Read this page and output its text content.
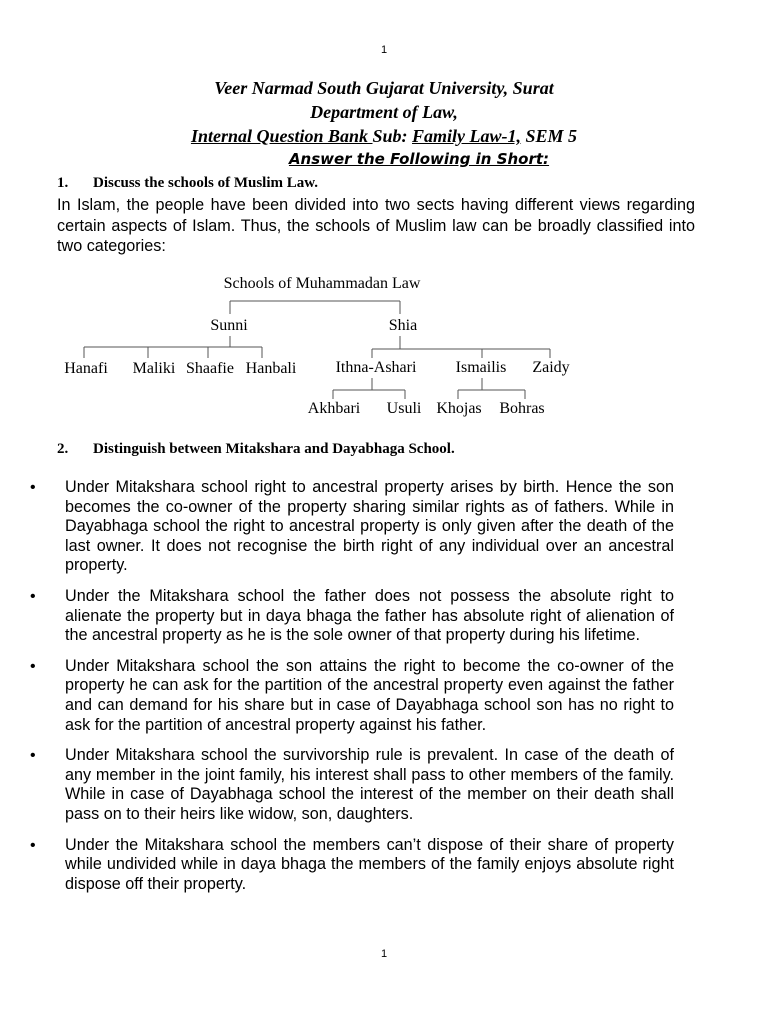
1
Veer Narmad South Gujarat University, Surat
Department of Law,
Internal Question Bank Sub: Family Law-1, SEM 5
Answer the Following in Short:
1. Discuss the schools of Muslim Law.
In Islam, the people have been divided into two sects having different views regarding certain aspects of Islam. Thus, the schools of Muslim law can be broadly classified into two categories:
Schools of Muhammadan Law
Sunni	Shia
Hanafi Maliki Shaafie Hanbali Ithna-Ashari Ismailis Zaidy
Akhbari Usuli Khojas Bohras
2. Distinguish between Mitakshara and Dayabhaga School.
• Under Mitakshara school right to ancestral property arises by birth. Hence the son becomes the co-owner of the property sharing similar rights as of fathers. While in Dayabhaga school the right to ancestral property is only given after the death of the last owner. It does not recognise the birth right of any individual over an ancestral property.
• Under the Mitakshara school the father does not possess the absolute right to alienate the property but in daya bhaga the father has absolute right of alienation of the ancestral property as he is the sole owner of that property during his lifetime.
• Under Mitakshara school the son attains the right to become the co-owner of the property he can ask for the partition of the ancestral property even against the father and can demand for his share but in case of Dayabhaga school son has no right to ask for the partition of ancestral property against his father.
• Under Mitakshara school the survivorship rule is prevalent. In case of the death of any member in the joint family, his interest shall pass to other members of the family. While in case of Dayabhaga school the interest of the member on their death shall pass on to their heirs like widow, son, daughters.
• Under the Mitakshara school the members can’t dispose of their share of property while undivided while in daya bhaga the members of the family enjoys absolute right dispose off their property.
1
